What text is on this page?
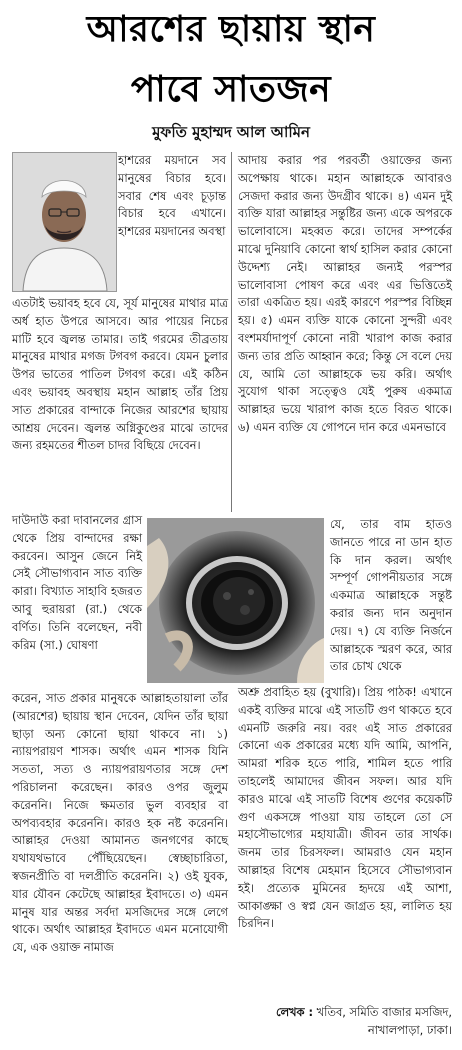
আরশের ছায়ায় স্থান
পাবে সাতজন
মুফতি মুহাম্মদ আল আমিন
হাশরের ময়দানে সব মানুষের বিচার হবে। সবার শেষ এবং চূড়ান্ত বিচার হবে এখানে। হাশরের ময়দানের অবস্থা
এতটাই ভয়াবহ হবে যে, সূর্য মানুষের মাথার মাত্র অর্ধ হাত উপরে আসবে। আর পায়ের নিচের মাটি হবে জ্বলন্ত তামার। তাই গরমের তীব্রতায় মানুষের মাথার মগজ টগবগ করবে। যেমন চুলার উপর ভাতের পাতিল টগবগ করে। এই কঠিন এবং ভয়াবহ অবস্থায় মহান আল্লাহ তাঁর প্রিয় সাত প্রকারের বান্দাকে নিজের আরশের ছায়ায় আশ্রয় দেবেন। জ্বলন্ত অগ্নিকুণ্ডের মাঝে তাদের জন্য রহমতের শীতল চাদর বিছিয়ে দেবেন।
দাউদাউ করা দাবানলের গ্রাস থেকে প্রিয় বান্দাদের রক্ষা করবেন। আসুন জেনে নিই সেই সৌভাগ্যবান সাত ব্যক্তি কারা। বিখ্যাত সাহাবি হজরত আবু হুরায়রা (রা.) থেকে বর্ণিত। তিনি বলেছেন, নবী করিম (সা.) ঘোষণা
করেন, সাত প্রকার মানুষকে আল্লাহতায়ালা তাঁর (আরশের) ছায়ায় স্থান দেবেন, যেদিন তাঁর ছায়া ছাড়া অন্য কোনো ছায়া থাকবে না। ১) ন্যায়পরায়ণ শাসক। অর্থাৎ এমন শাসক যিনি সততা, সত্য ও ন্যায়পরায়ণতার সঙ্গে দেশ পরিচালনা করেছেন। কারও ওপর জুলুম করেননি। নিজে ক্ষমতার ভুল ব্যবহার বা অপব্যবহার করেননি। কারও হক নষ্ট করেননি। আল্লাহর দেওয়া আমানত জনগণের কাছে যথাযথভাবে পৌঁছিয়েছেন। স্বেচ্ছাচারিতা, স্বজনপ্রীতি বা দলপ্রীতি করেননি। ২) ওই যুবক, যার যৌবন কেটেছে আল্লাহর ইবাদতে। ৩) এমন মানুষ যার অন্তর সর্বদা মসজিদের সঙ্গে লেগে থাকে। অর্থাৎ আল্লাহর ইবাদতে এমন মনোযোগী যে, এক ওয়াক্ত নামাজ
আদায় করার পর পরবর্তী ওয়াক্তের জন্য অপেক্ষায় থাকে। মহান আল্লাহকে আবারও সেজদা করার জন্য উদগ্রীব থাকে। ৪) এমন দুই ব্যক্তি যারা আল্লাহর সন্তুষ্টির জন্য একে অপরকে ভালোবাসে। মহব্বত করে। তাদের সম্পর্কের মাঝে দুনিয়াবি কোনো স্বার্থ হাসিল করার কোনো উদ্দেশ্য নেই। আল্লাহর জন্যই পরস্পর ভালোবাসা পোষণ করে এবং এর ভিত্তিতেই তারা একত্রিত হয়। এরই কারণে পরস্পর বিচ্ছিন্ন হয়। ৫) এমন ব্যক্তি যাকে কোনো সুন্দরী এবং বংশমর্যাদাপূর্ণ কোনো নারী খারাপ কাজ করার জন্য তার প্রতি আহ্বান করে; কিন্তু সে বলে দেয় যে, আমি তো আল্লাহকে ভয় করি। অর্থাৎ সুযোগ থাকা সত্ত্বেও যেই পুরুষ একমাত্র আল্লাহর ভয়ে খারাপ কাজ হতে বিরত থাকে। ৬) এমন ব্যক্তি যে গোপনে দান করে এমনভাবে
যে, তার বাম হাতও জানতে পারে না ডান হাত কি দান করল। অর্থাৎ সম্পূর্ণ গোপনীয়তার সঙ্গে একমাত্র আল্লাহকে সন্তুষ্ট করার জন্য দান অনুদান দেয়। ৭) যে ব্যক্তি নির্জনে আল্লাহকে স্মরণ করে, আর তার চোখ থেকে
অশ্রু প্রবাহিত হয় (বুখারি)। প্রিয় পাঠক! এখানে একই ব্যক্তির মাঝে এই সাতটি গুণ থাকতে হবে এমনটি জরুরি নয়। বরং এই সাত প্রকারের কোনো এক প্রকারের মধ্যে যদি আমি, আপনি, আমরা শরিক হতে পারি, শামিল হতে পারি তাহলেই আমাদের জীবন সফল। আর যদি কারও মাঝে এই সাতটি বিশেষ গুণের কয়েকটি গুণ একসঙ্গে পাওয়া যায় তাহলে তো সে মহাসৌভাগ্যের মহাযাত্রী। জীবন তার সার্থক। জনম তার চিরসফল। আমরাও যেন মহান আল্লাহর বিশেষ মেহমান হিসেবে সৌভাগ্যবান হই। প্রত্যেক মুমিনের হৃদয়ে এই আশা, আকাঙ্ক্ষা ও স্বপ্ন যেন জাগ্রত হয়, লালিত হয় চিরদিন।
লেখক : খতিব, সমিতি বাজার মসজিদ, নাখালপাড়া, ঢাকা।
